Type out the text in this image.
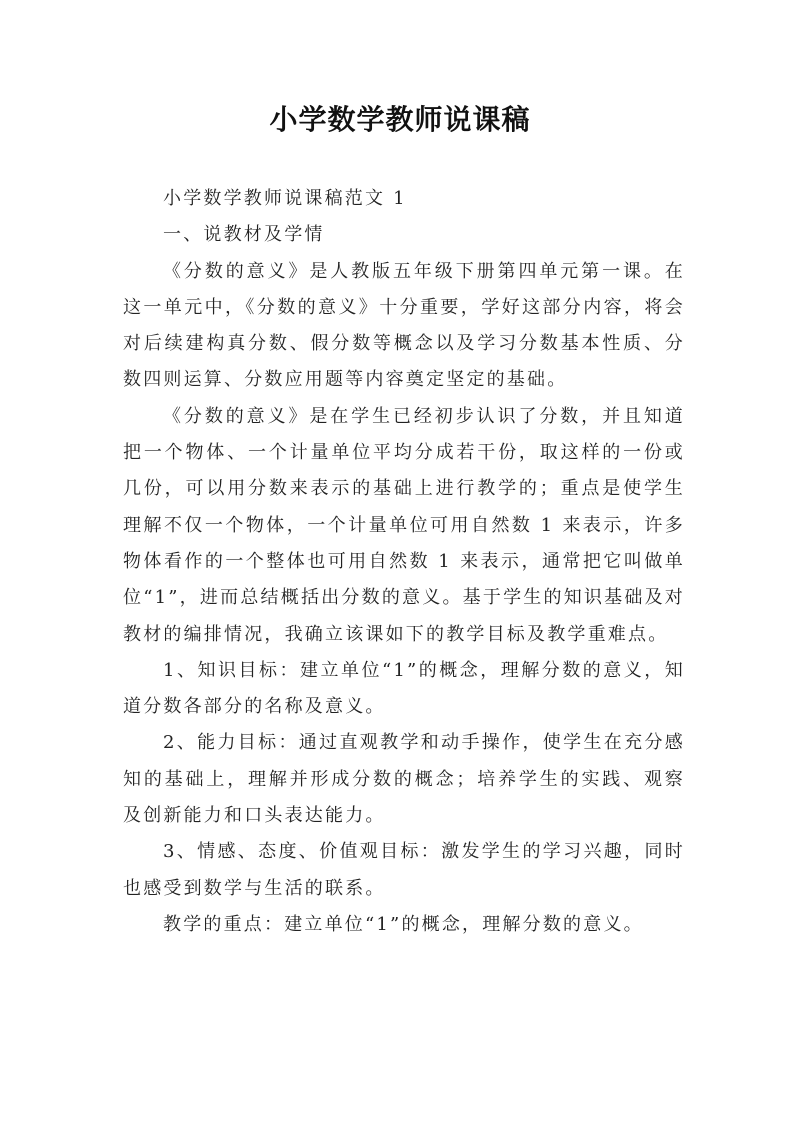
小学数学教师说课稿

小学数学教师说课稿范文 1

一、说教材及学情

《分数的意义》是人教版五年级下册第四单元第一课。在这一单元中，《分数的意义》十分重要，学好这部分内容，将会对后续建构真分数、假分数等概念以及学习分数基本性质、分数四则运算、分数应用题等内容奠定坚定的基础。

《分数的意义》是在学生已经初步认识了分数，并且知道把一个物体、一个计量单位平均分成若干份，取这样的一份或几份，可以用分数来表示的基础上进行教学的；重点是使学生理解不仅一个物体，一个计量单位可用自然数 1 来表示，许多物体看作的一个整体也可用自然数 1 来表示，通常把它叫做单位“1”，进而总结概括出分数的意义。基于学生的知识基础及对教材的编排情况，我确立该课如下的教学目标及教学重难点。

1、知识目标：建立单位“1”的概念，理解分数的意义，知道分数各部分的名称及意义。

2、能力目标：通过直观教学和动手操作，使学生在充分感知的基础上，理解并形成分数的概念；培养学生的实践、观察及创新能力和口头表达能力。

3、情感、态度、价值观目标：激发学生的学习兴趣，同时也感受到数学与生活的联系。

教学的重点：建立单位“1”的概念，理解分数的意义。
